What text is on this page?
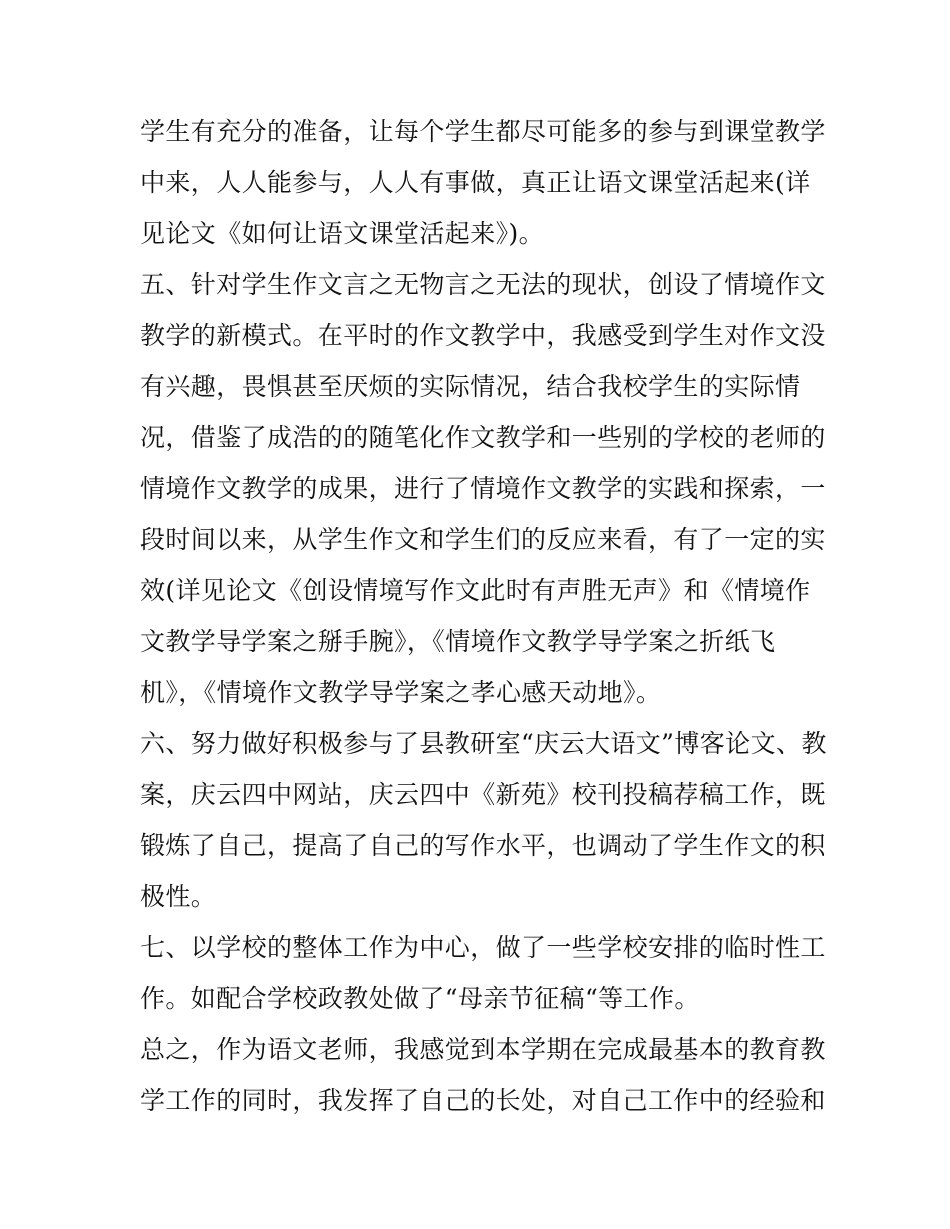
学生有充分的准备，让每个学生都尽可能多的参与到课堂教学
中来，人人能参与，人人有事做，真正让语文课堂活起来(详
见论文《如何让语文课堂活起来》)。
五、针对学生作文言之无物言之无法的现状，创设了情境作文
教学的新模式。在平时的作文教学中，我感受到学生对作文没
有兴趣，畏惧甚至厌烦的实际情况，结合我校学生的实际情
况，借鉴了成浩的的随笔化作文教学和一些别的学校的老师的
情境作文教学的成果，进行了情境作文教学的实践和探索，一
段时间以来，从学生作文和学生们的反应来看，有了一定的实
效(详见论文《创设情境写作文此时有声胜无声》和《情境作
文教学导学案之掰手腕》，《情境作文教学导学案之折纸飞
机》，《情境作文教学导学案之孝心感天动地》。
六、努力做好积极参与了县教研室“庆云大语文”博客论文、教
案，庆云四中网站，庆云四中《新苑》校刊投稿荐稿工作，既
锻炼了自己，提高了自己的写作水平，也调动了学生作文的积
极性。
七、以学校的整体工作为中心，做了一些学校安排的临时性工
作。如配合学校政教处做了“母亲节征稿“等工作。
总之，作为语文老师，我感觉到本学期在完成最基本的教育教
学工作的同时，我发挥了自己的长处，对自己工作中的经验和
